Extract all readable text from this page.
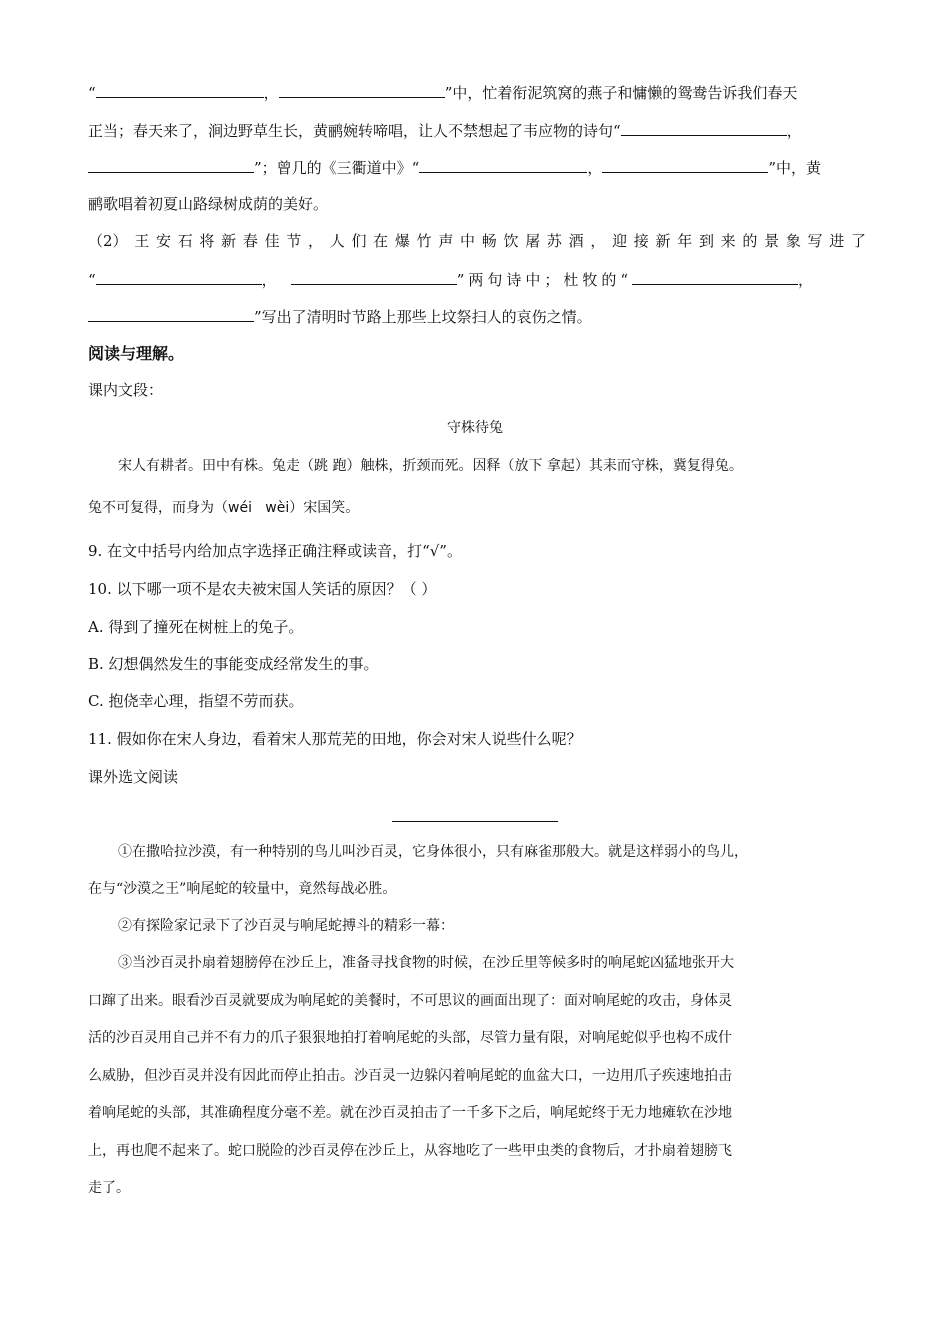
“	，	”中，忙着衔泥筑窝的燕子和慵懒的鸳鸯告诉我们春天
正当；春天来了，涧边野草生长，黄鹂婉转啼唱，让人不禁想起了韦应物的诗句“	，
”；曾几的《三衢道中》“	，	”中，黄
鹂歌唱着初夏山路绿树成荫的美好。
（2） 王 安 石 将 新 春 佳 节 ， 人 们 在 爆 竹 声 中 畅 饮 屠 苏 酒 ， 迎 接 新 年 到 来 的 景 象 写 进 了
“	，	”两句诗中；杜牧的“	，
”写出了清明时节路上那些上坟祭扫人的哀伤之情。
阅读与理解。
课内文段：
守株待兔
宋人有耕者。田中有株。兔走（跳 跑）触株，折颈而死。因释（放下 拿起）其耒而守株，冀复得兔。
兔不可复得，而身为（wéi   wèi）宋国笑。
9. 在文中括号内给加点字选择正确注释或读音，打“√”。
10. 以下哪一项不是农夫被宋国人笑话的原因？（ ）
A. 得到了撞死在树桩上的兔子。
B. 幻想偶然发生的事能变成经常发生的事。
C. 抱侥幸心理，指望不劳而获。
11. 假如你在宋人身边，看着宋人那荒芜的田地，你会对宋人说些什么呢？
课外选文阅读
①在撒哈拉沙漠，有一种特别的鸟儿叫沙百灵，它身体很小，只有麻雀那般大。就是这样弱小的鸟儿，
在与“沙漠之王”响尾蛇的较量中，竟然每战必胜。
②有探险家记录下了沙百灵与响尾蛇搏斗的精彩一幕：
③当沙百灵扑扇着翅膀停在沙丘上，准备寻找食物的时候，在沙丘里等候多时的响尾蛇凶猛地张开大
口蹿了出来。眼看沙百灵就要成为响尾蛇的美餐时，不可思议的画面出现了：面对响尾蛇的攻击，身体灵
活的沙百灵用自己并不有力的爪子狠狠地拍打着响尾蛇的头部，尽管力量有限，对响尾蛇似乎也构不成什
么威胁，但沙百灵并没有因此而停止拍击。沙百灵一边躲闪着响尾蛇的血盆大口，一边用爪子疾速地拍击
着响尾蛇的头部，其准确程度分毫不差。就在沙百灵拍击了一千多下之后，响尾蛇终于无力地瘫软在沙地
上，再也爬不起来了。蛇口脱险的沙百灵停在沙丘上，从容地吃了一些甲虫类的食物后，才扑扇着翅膀飞
走了。
